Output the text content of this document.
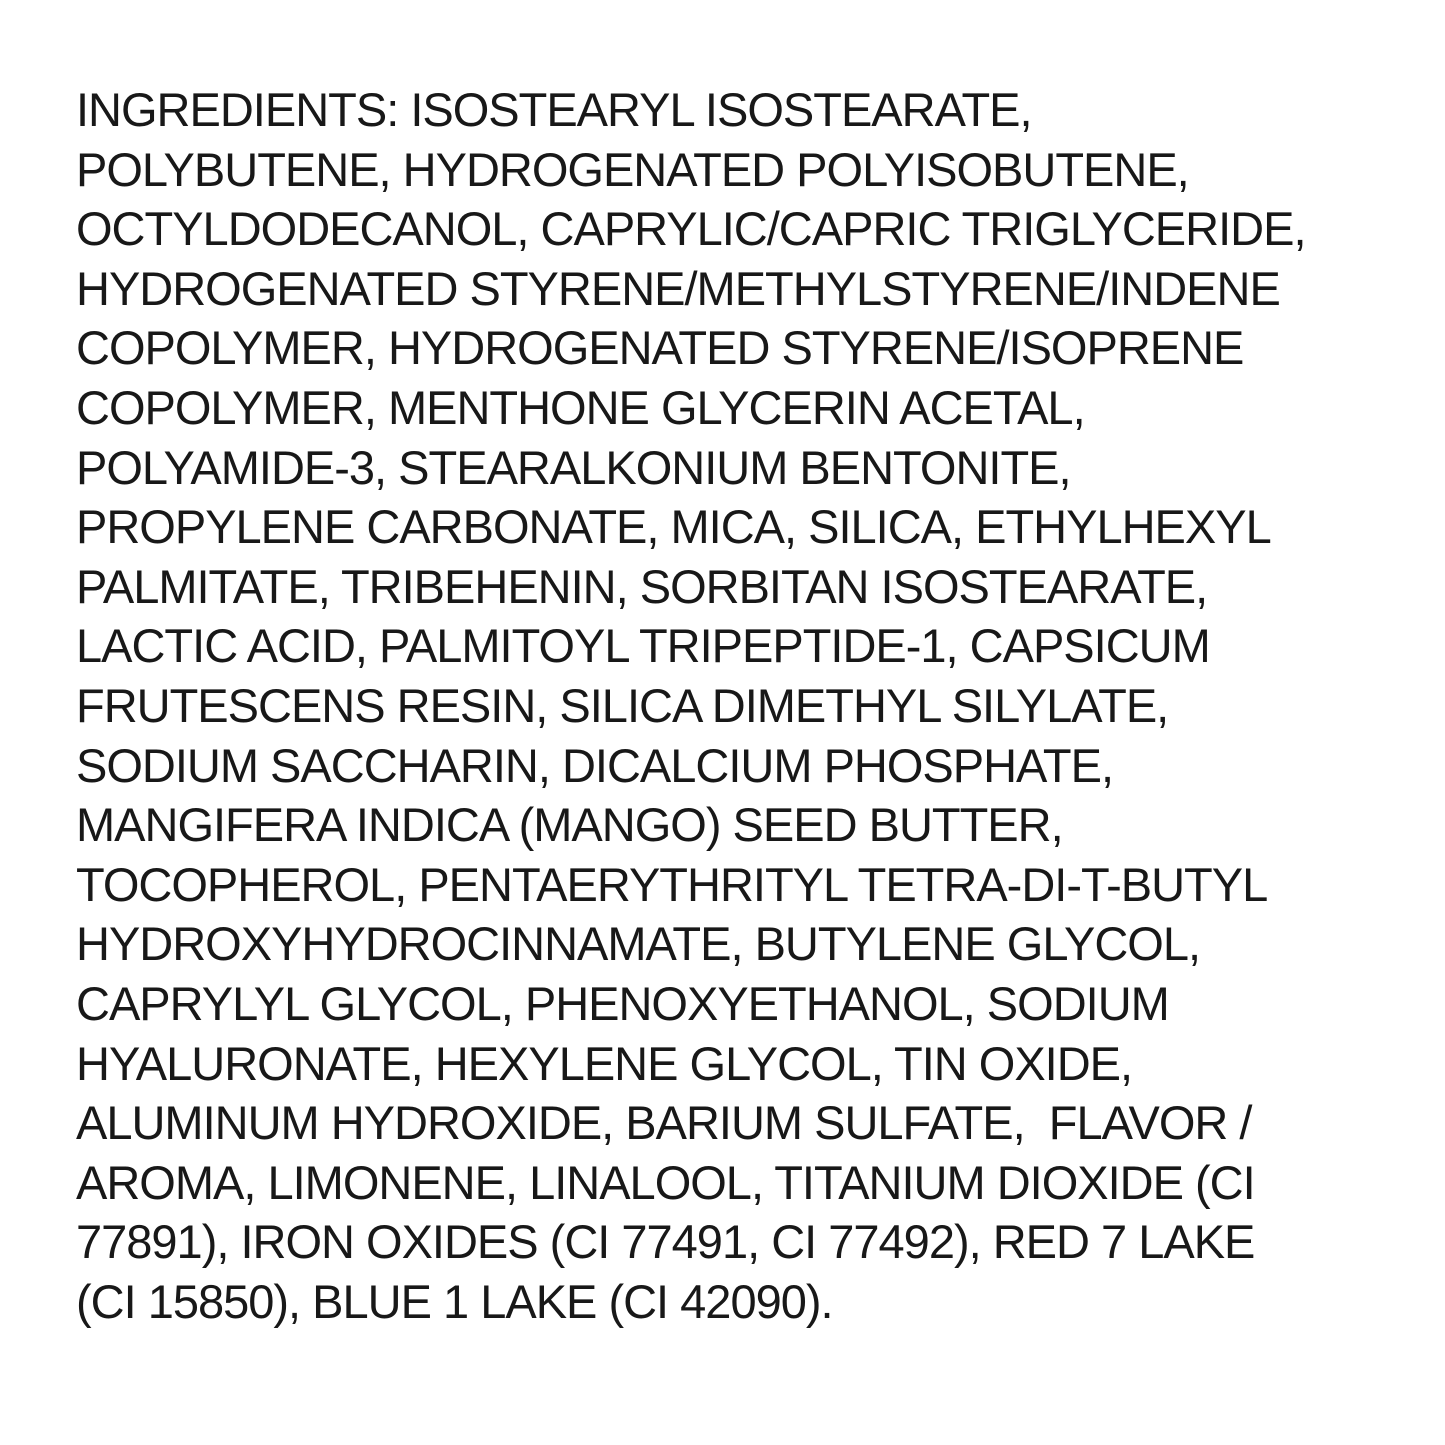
INGREDIENTS: ISOSTEARYL ISOSTEARATE,
POLYBUTENE, HYDROGENATED POLYISOBUTENE,
OCTYLDODECANOL, CAPRYLIC/CAPRIC TRIGLYCERIDE,
HYDROGENATED STYRENE/METHYLSTYRENE/INDENE
COPOLYMER, HYDROGENATED STYRENE/ISOPRENE
COPOLYMER, MENTHONE GLYCERIN ACETAL,
POLYAMIDE-3, STEARALKONIUM BENTONITE,
PROPYLENE CARBONATE, MICA, SILICA, ETHYLHEXYL
PALMITATE, TRIBEHENIN, SORBITAN ISOSTEARATE,
LACTIC ACID, PALMITOYL TRIPEPTIDE-1, CAPSICUM
FRUTESCENS RESIN, SILICA DIMETHYL SILYLATE,
SODIUM SACCHARIN, DICALCIUM PHOSPHATE,
MANGIFERA INDICA (MANGO) SEED BUTTER,
TOCOPHEROL, PENTAERYTHRITYL TETRA-DI-T-BUTYL
HYDROXYHYDROCINNAMATE, BUTYLENE GLYCOL,
CAPRYLYL GLYCOL, PHENOXYETHANOL, SODIUM
HYALURONATE, HEXYLENE GLYCOL, TIN OXIDE,
ALUMINUM HYDROXIDE, BARIUM SULFATE,  FLAVOR /
AROMA, LIMONENE, LINALOOL, TITANIUM DIOXIDE (CI
77891), IRON OXIDES (CI 77491, CI 77492), RED 7 LAKE
(CI 15850), BLUE 1 LAKE (CI 42090).
